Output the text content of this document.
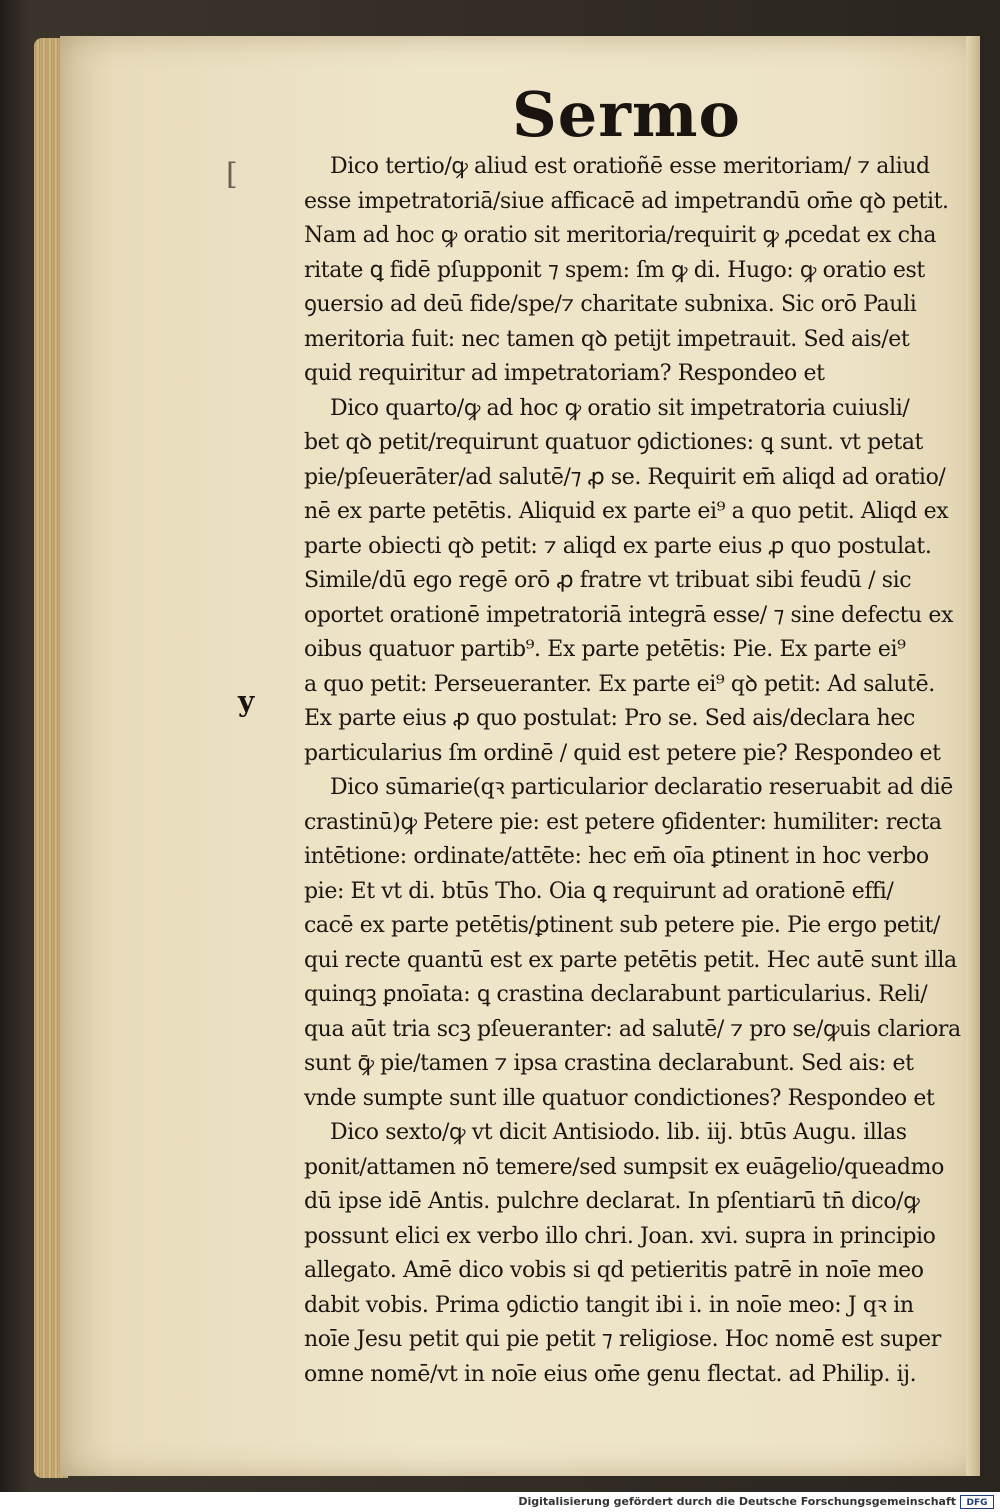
Sermo
[
y
Dico tertio/ꝙ aliud est oratioñē esse meritoriam/ ⁊ aliud
esse impetratoriā/siue afficacē ad impetrandū om̄e qꝺ petit.
Nam ad hoc ꝙ oratio sit meritoria/requirit ꝙ ꝓcedat ex cha
ritate ꝗ fidē pſupponit ⁊ spem: ſm ꝙ di. Hugo: ꝙ oratio est
ꝯuersio ad deū fide/spe/⁊ charitate subnixa. Sic orō Pauli
meritoria fuit: nec tamen qꝺ petijt impetrauit. Sed ais/et
quid requiritur ad impetratoriam? Respondeo et
Dico quarto/ꝙ ad hoc ꝙ oratio sit impetratoria cuiusli/
bet qꝺ petit/requirunt quatuor ꝯdictiones: ꝗ sunt. vt petat
pie/pſeuerāter/ad salutē/⁊ ꝓ se. Requirit em̄ aliqd ad oratio/
nē ex parte petētis. Aliquid ex parte ei⁹ a quo petit. Aliqd ex
parte obiecti qꝺ petit: ⁊ aliqd ex parte eius ꝓ quo postulat.
Simile/dū ego regē orō ꝓ fratre vt tribuat sibi feudū / sic
oportet orationē impetratoriā integrā esse/ ⁊ sine defectu ex
oibus quatuor partib⁹. Ex parte petētis: Pie. Ex parte ei⁹
a quo petit: Perseueranter. Ex parte ei⁹ qꝺ petit: Ad salutē.
Ex parte eius ꝓ quo postulat: Pro se. Sed ais/declara hec
particularius ſm ordinē / quid est petere pie? Respondeo et
Dico sūmarie(qꝛ particularior declaratio reseruabit ad diē
crastinū)ꝙ Petere pie: est petere ꝯfidenter: humiliter: recta
intētione: ordinate/attēte: hec em̄ oīa ꝑtinent in hoc verbo
pie: Et vt di. btūs Tho. Oia ꝗ requirunt ad orationē effi/
cacē ex parte petētis/ꝑtinent sub petere pie. Pie ergo petit/
qui recte quantū est ex parte petētis petit. Hec autē sunt illa
quinqꝫ ꝑnoīata: ꝗ crastina declarabunt particularius. Reli/
qua aūt tria scꝫ pſeueranter: ad salutē/ ⁊ pro se/ꝙuis clariora
sunt ꝙ̄ pie/tamen ⁊ ipsa crastina declarabunt. Sed ais: et
vnde sumpte sunt ille quatuor condictiones? Respondeo et
Dico sexto/ꝙ vt dicit Antisiodo. lib. iij. btūs Augu. illas
ponit/attamen nō temere/sed sumpsit ex euāgelio/queadmo
dū ipse idē Antis. pulchre declarat. In pſentiarū tn̄ dico/ꝙ
possunt elici ex verbo illo chri. Joan. xvi. supra in principio
allegato. Amē dico vobis si qd petieritis patrē in noīe meo
dabit vobis. Prima ꝯdictio tangit ibi i. in noīe meo: J qꝛ in
noīe Jesu petit qui pie petit ⁊ religiose. Hoc nomē est super
omne nomē/vt in noīe eius om̄e genu flectat. ad Philip. ij.
Digitalisierung gefördert durch die Deutsche Forschungsgemeinschaft	DFG
